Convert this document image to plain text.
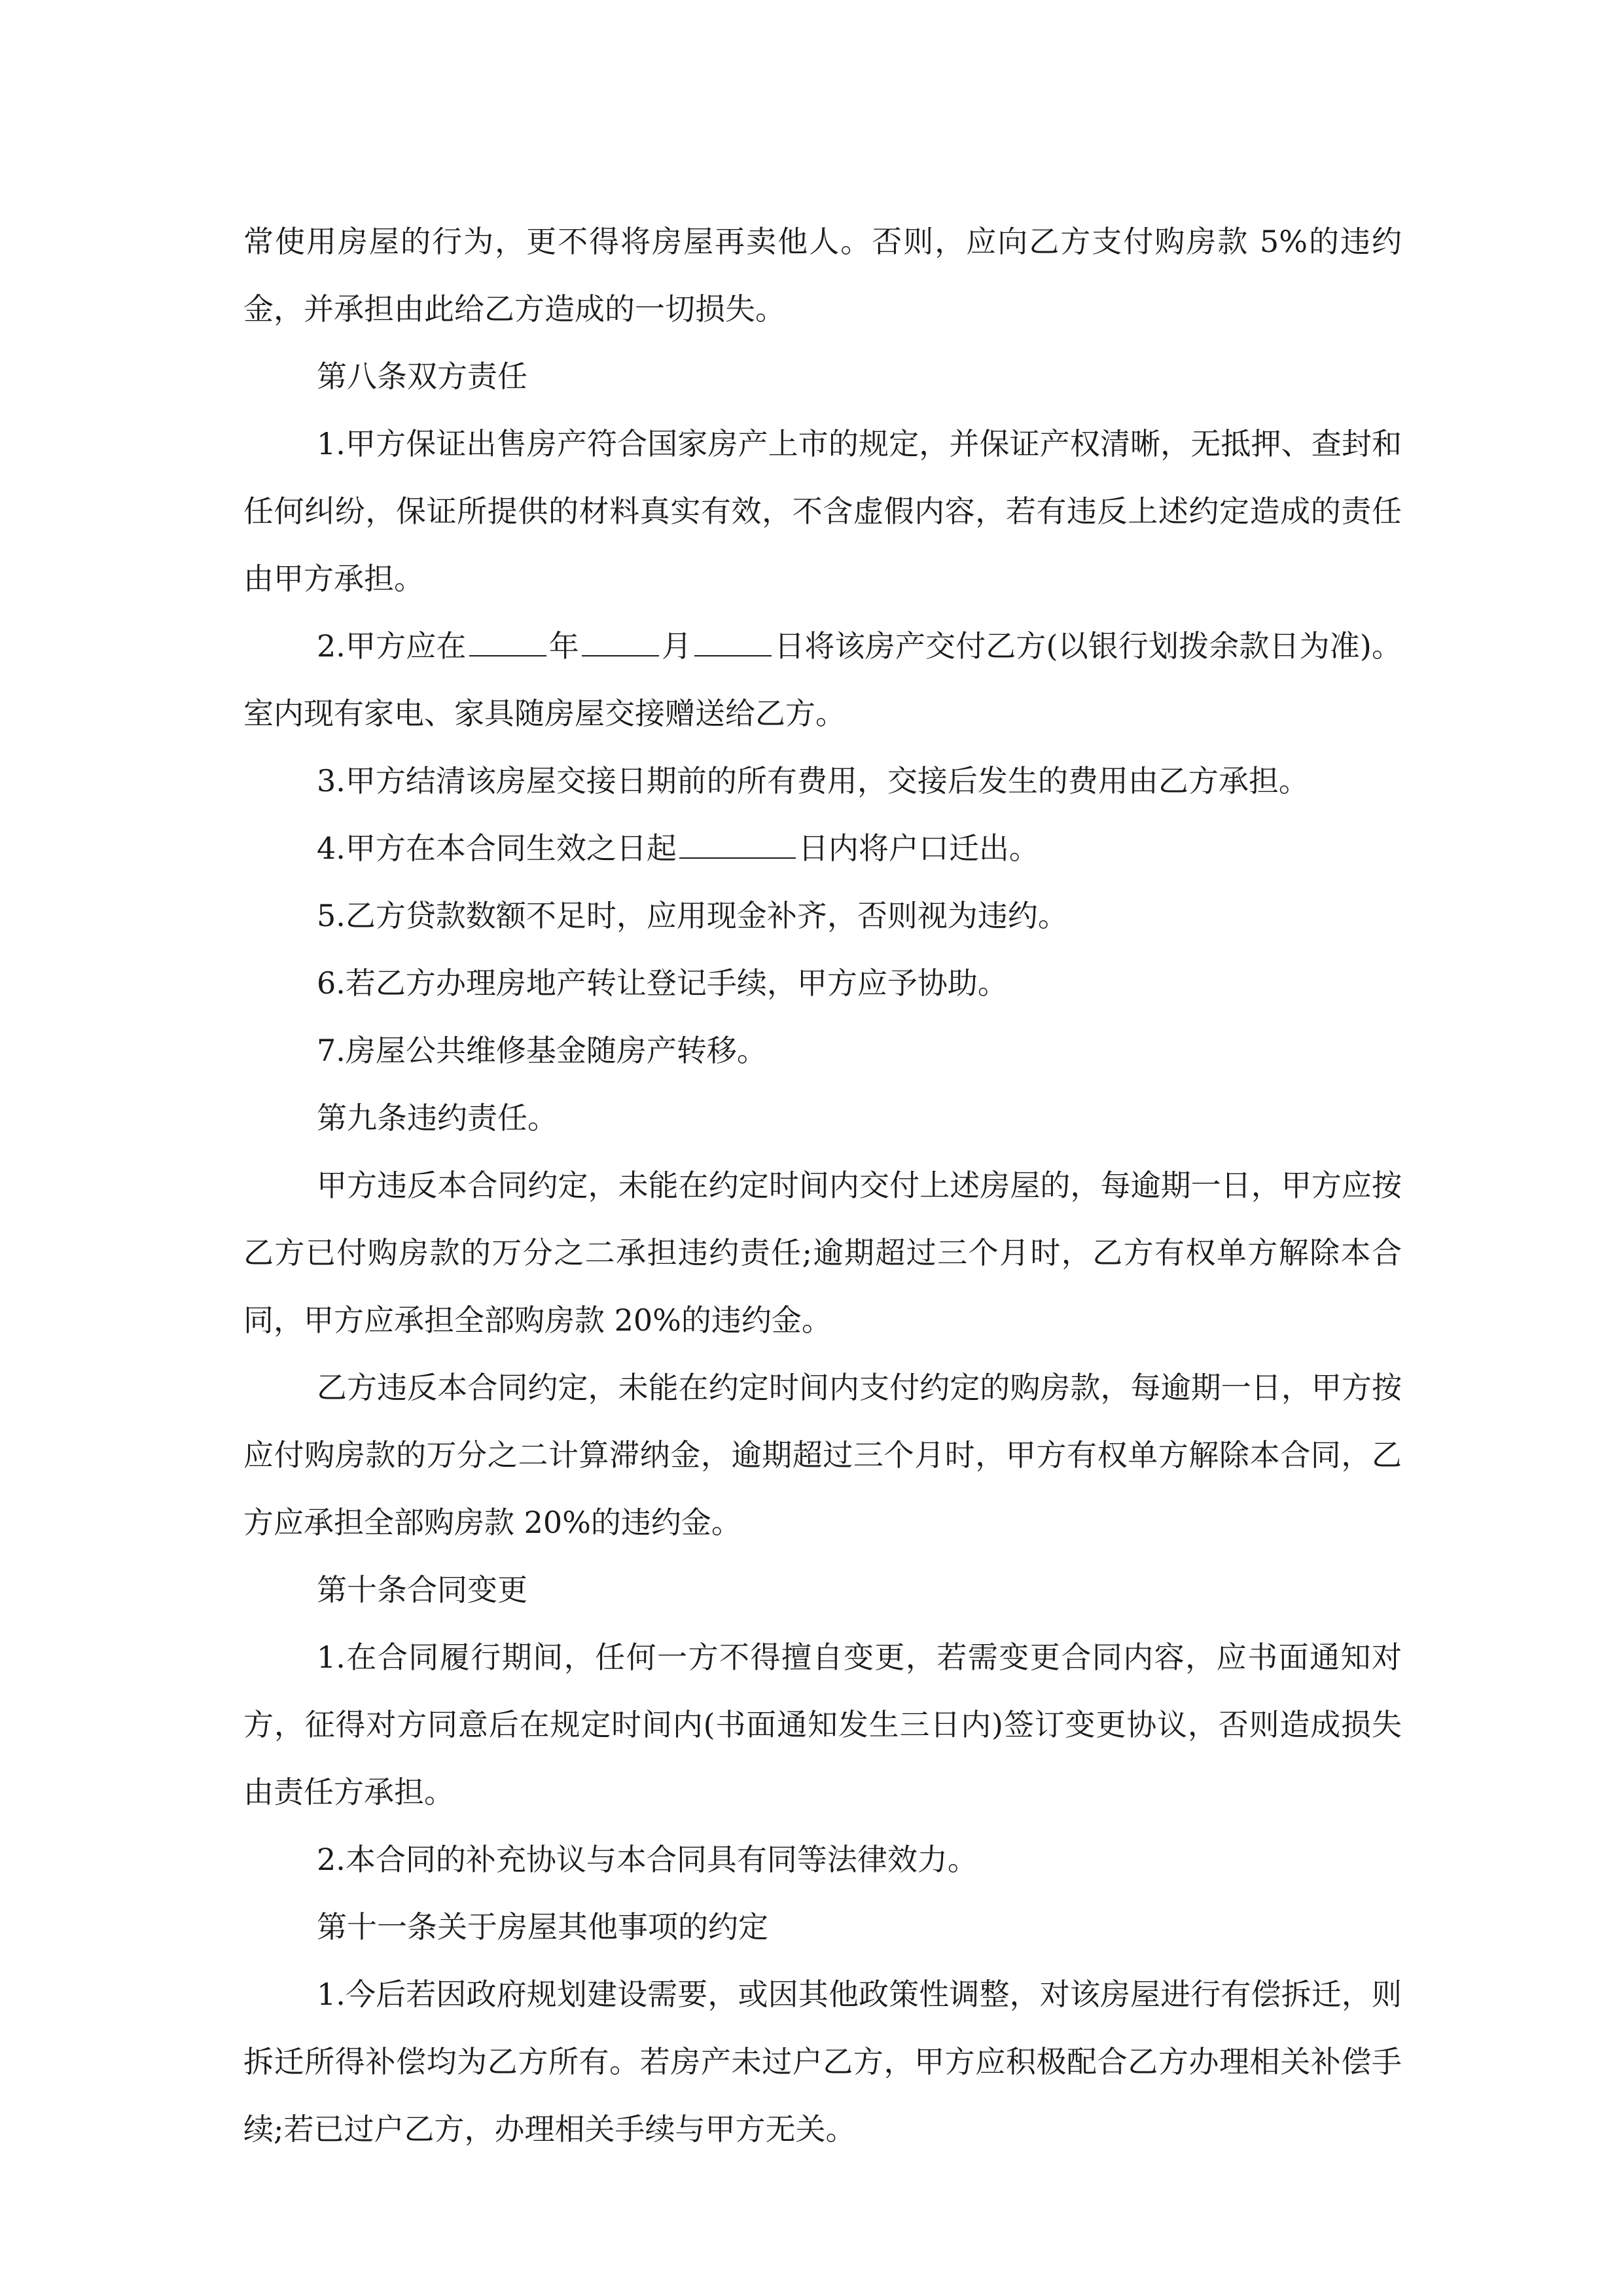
常使用房屋的行为，更不得将房屋再卖他人。否则，应向乙方支付购房款 5%的违约金，并承担由此给乙方造成的一切损失。

第八条双方责任

1.甲方保证出售房产符合国家房产上市的规定，并保证产权清晰，无抵押、查封和任何纠纷，保证所提供的材料真实有效，不含虚假内容，若有违反上述约定造成的责任由甲方承担。

2.甲方应在	年	月	日将该房产交付乙方(以银行划拨余款日为准)。室内现有家电、家具随房屋交接赠送给乙方。

3.甲方结清该房屋交接日期前的所有费用，交接后发生的费用由乙方承担。

4.甲方在本合同生效之日起	日内将户口迁出。

5.乙方贷款数额不足时，应用现金补齐，否则视为违约。

6.若乙方办理房地产转让登记手续，甲方应予协助。

7.房屋公共维修基金随房产转移。

第九条违约责任。

甲方违反本合同约定，未能在约定时间内交付上述房屋的，每逾期一日，甲方应按乙方已付购房款的万分之二承担违约责任;逾期超过三个月时，乙方有权单方解除本合同，甲方应承担全部购房款 20%的违约金。

乙方违反本合同约定，未能在约定时间内支付约定的购房款，每逾期一日，甲方按应付购房款的万分之二计算滞纳金，逾期超过三个月时，甲方有权单方解除本合同，乙方应承担全部购房款 20%的违约金。

第十条合同变更

1.在合同履行期间，任何一方不得擅自变更，若需变更合同内容，应书面通知对方，征得对方同意后在规定时间内(书面通知发生三日内)签订变更协议，否则造成损失由责任方承担。

2.本合同的补充协议与本合同具有同等法律效力。

第十一条关于房屋其他事项的约定

1.今后若因政府规划建设需要，或因其他政策性调整，对该房屋进行有偿拆迁，则拆迁所得补偿均为乙方所有。若房产未过户乙方，甲方应积极配合乙方办理相关补偿手续;若已过户乙方，办理相关手续与甲方无关。
